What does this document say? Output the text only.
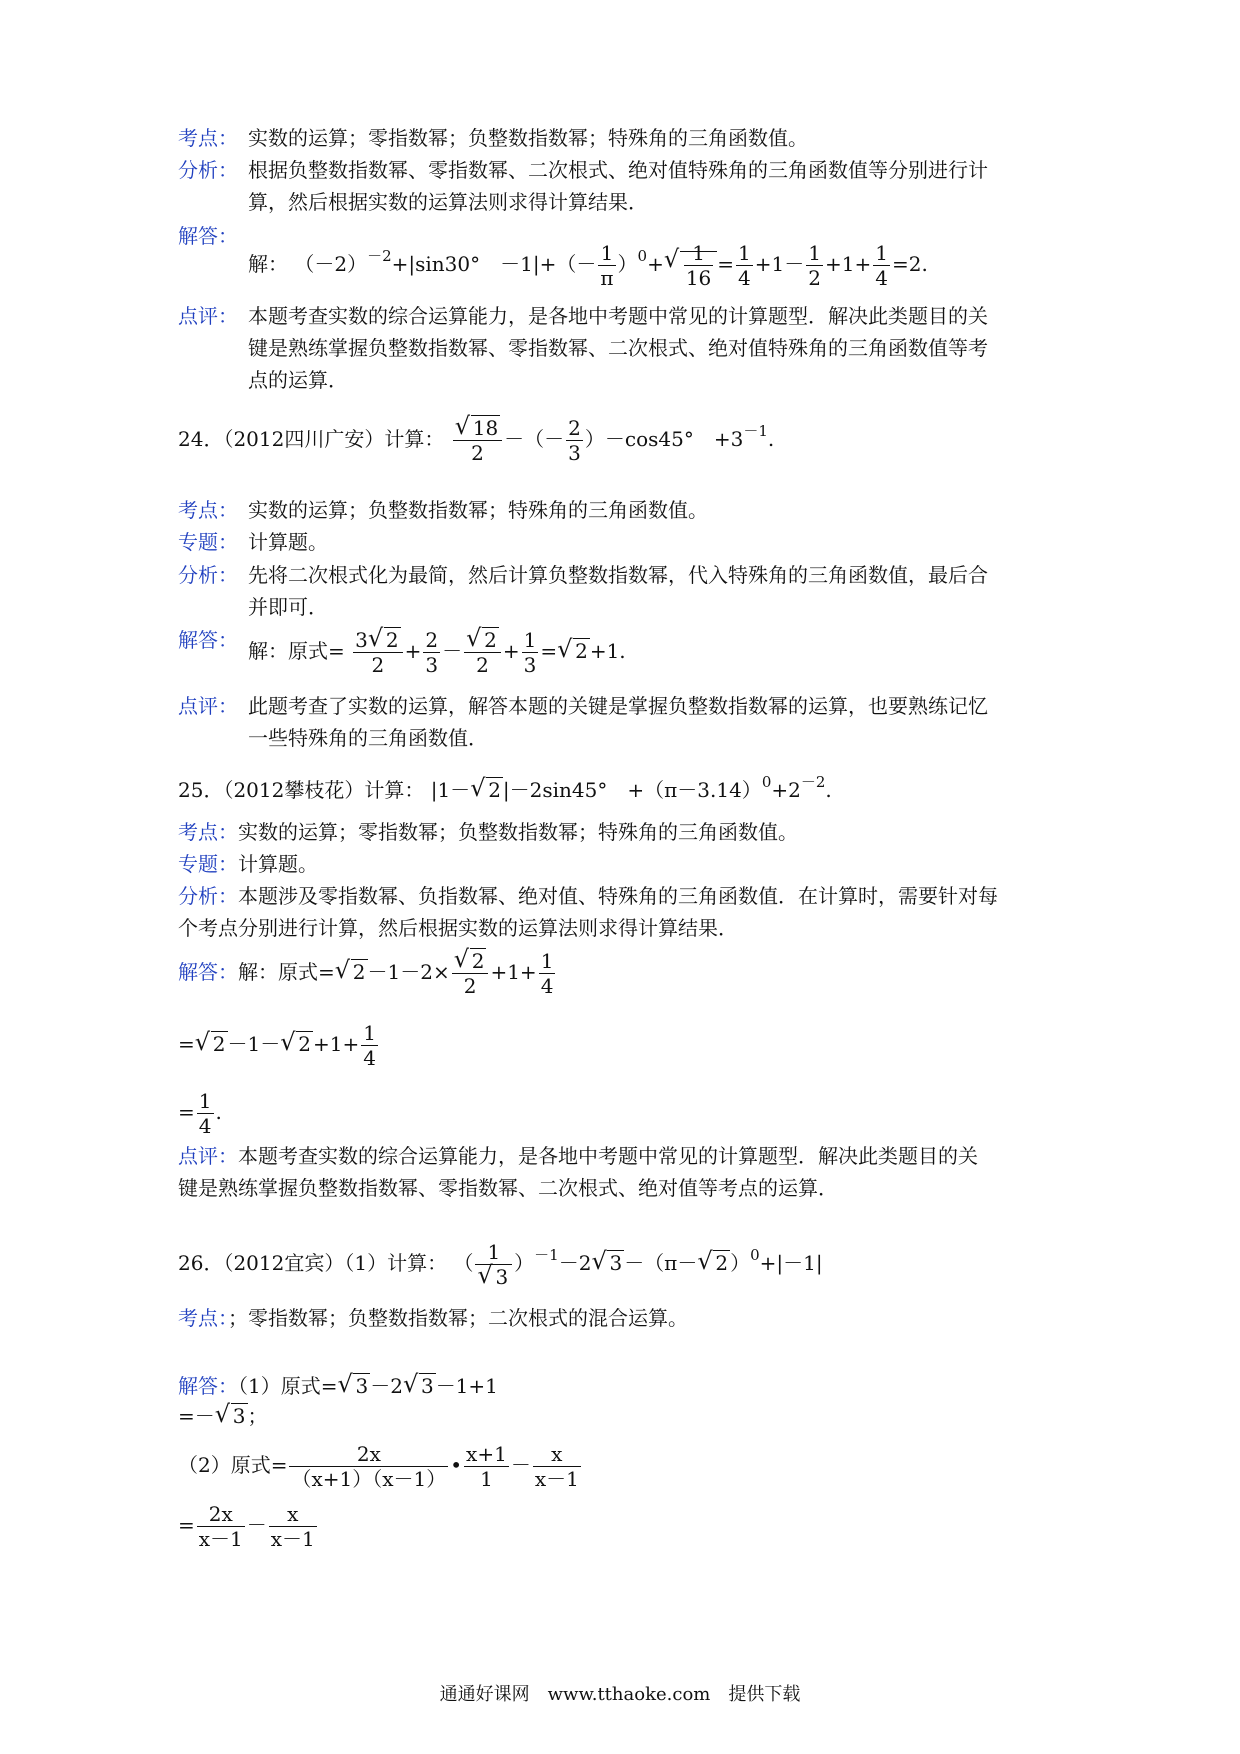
考点： 实数的运算；零指数幂；负整数指数幂；特殊角的三角函数值。
分析： 根据负整数指数幂、零指数幂、二次根式、绝对值特殊角的三角函数值等分别进行计
算，然后根据实数的运算法则求得计算结果．
解答：
解： $(-2)^{-2}+|\sin 30^\circ$　$-1|+(- \frac{1}{\pi} )^0+$ √ $\frac{1}{16} = \frac{1}{4} +1- \frac{1}{2} +1+ \frac{1}{4} =2$.
点评： 本题考查实数的综合运算能力，是各地中考题中常见的计算题型．解决此类题目的关
键是熟练掌握负整数指数幂、零指数幂、二次根式、绝对值特殊角的三角函数值等考
点的运算．
24．（2012四川广安）计算： $\frac{√ 18}{2}$ －（－ $\frac{2}{3} )-\cos 45^\circ$　$+3^{-1}$.
考点： 实数的运算；负整数指数幂；特殊角的三角函数值。
专题： 计算题。
分析： 先将二次根式化为最简，然后计算负整数指数幂，代入特殊角的三角函数值，最后合
并即可．
解答： 解：原式= $\frac{3 √ 2}{2} + \frac{2}{3} - \frac{√ 2}{2} + \frac{1}{3}$ = √ 2 +1.
点评： 此题考查了实数的运算，解答本题的关键是掌握负整数指数幂的运算，也要熟练记忆
一些特殊角的三角函数值．
25．（2012攀枝花）计算： |1－ √ 2 |－2sin45°　$+(\pi-3.14)^0+2^{-2}$.
考点：实数的运算；零指数幂；负整数指数幂；特殊角的三角函数值。
专题：计算题。
分析：本题涉及零指数幂、负指数幂、绝对值、特殊角的三角函数值．在计算时，需要针对每
个考点分别进行计算，然后根据实数的运算法则求得计算结果．
解答：解：原式= √ $2 -1-2\times \frac{√ 2}{2} +1+ \frac{1}{4}$
= √ 2 －1－ √ $2 +1+ \frac{1}{4}$
= $\frac{1}{4}$ .
点评：本题考查实数的综合运算能力，是各地中考题中常见的计算题型．解决此类题目的关
键是熟练掌握负整数指数幂、零指数幂、二次根式、绝对值等考点的运算．
26．（2012宜宾）（1）计算： （ $\frac{1}{√ 3} )^{-1}-2$ √ 3 －（π－ √ 2 ）$^0$+|－1|
考点：；零指数幂；负整数指数幂；二次根式的混合运算。
解答：（1）原式= √ 3 －2 √ 3 －1+1
=－ √ 3 ；
（2）原式= $\frac{2x}{(x+1)(x-1)}$ • $\frac{x+1}{1} - \frac{x}{x-1}$
= $\frac{2x}{x-1} - \frac{x}{x-1}$
通通好课网　www.tthaoke.com　提供下载
